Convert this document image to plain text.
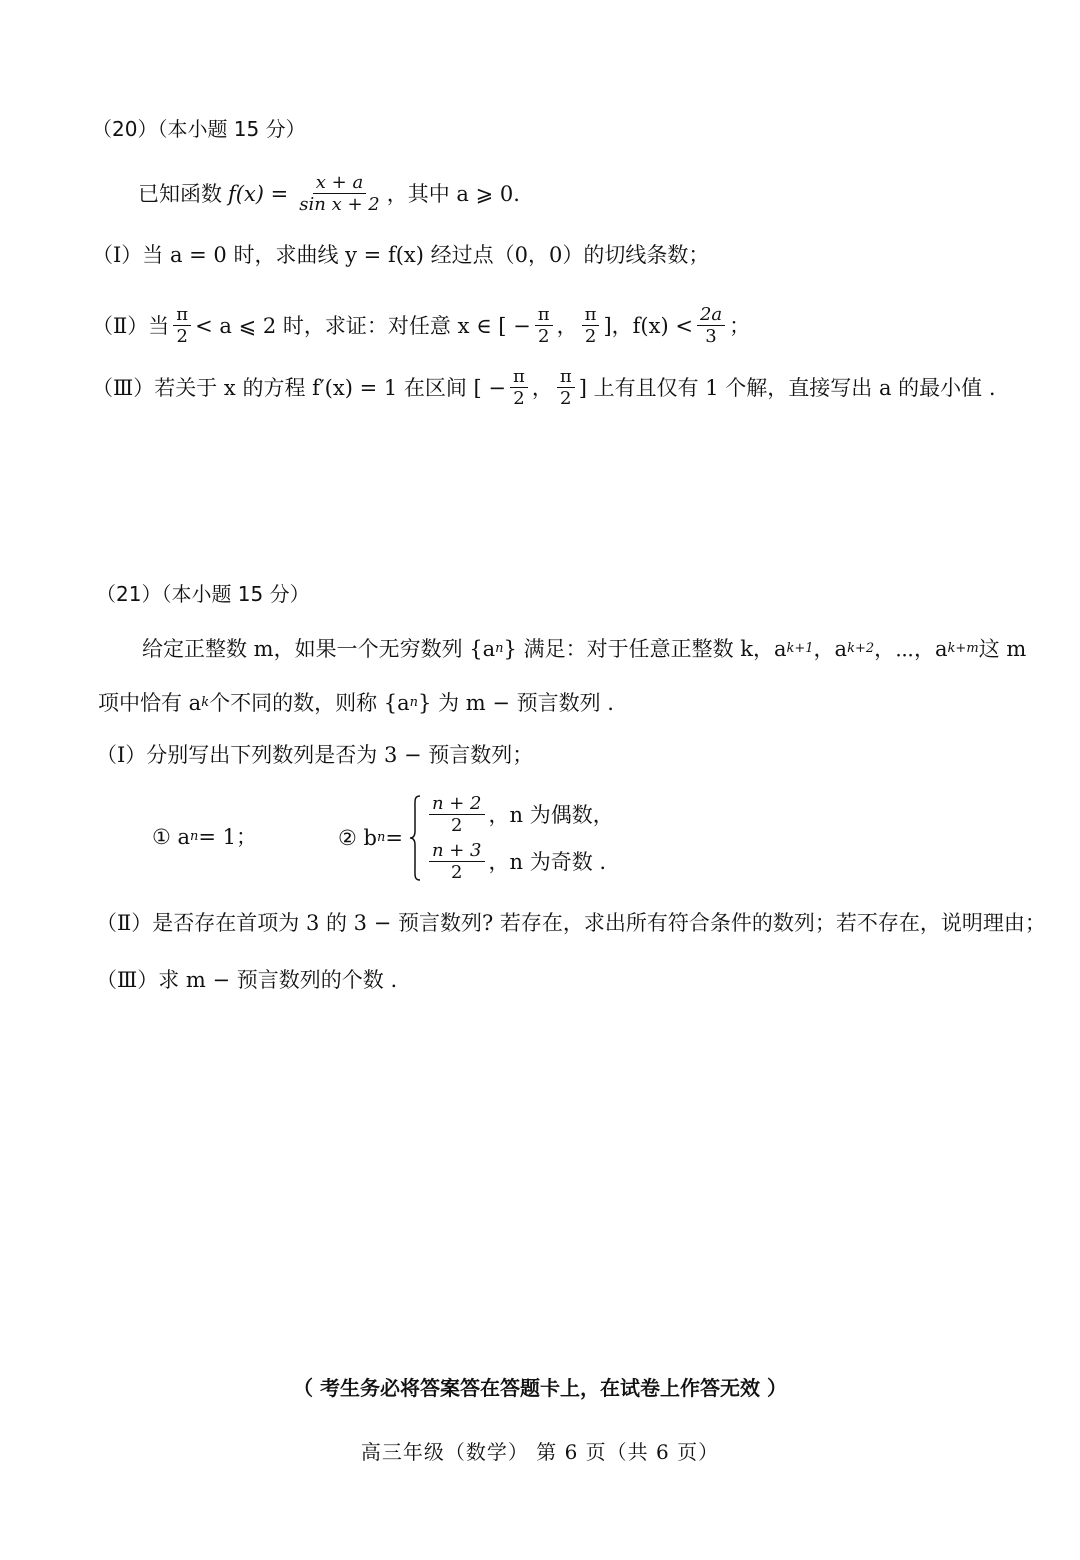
（20）（本小题 15 分）
已知函数 $f(x) = \frac{x + a}{\text{sin x + 2}}$ ，其中 a ⩾ 0.
（Ⅰ）当 a = 0 时，求曲线 y = f(x) 经过点（0，0）的切线条数；
（Ⅱ）当 $\frac{\pi}{2} < a$ ⩽ 2 时，求证：对任意 x ∈ [ − $\frac{\pi}{2}$ ， $\frac{\pi}{2}$ ]，$f(x) < \frac{2a}{3}$ ；
（Ⅲ）若关于 x 的方程 f′(x) = 1 在区间 [ − $\frac{\pi}{2}$ ， $\frac{\pi}{2}$ ] 上有且仅有 1 个解，直接写出 a 的最小值 .
（21）（本小题 15 分）
给定正整数 m，如果一个无穷数列 {a n } 满足：对于任意正整数 k，a k+1 ，a k+2 ，⋯，a k+m 这 m
项中恰有 a k 个不同的数，则称 {a n } 为 m − 预言数列 .
（Ⅰ）分别写出下列数列是否为 3 − 预言数列；
① a n = 1；	② b n =
$\frac{n + 2}{2}$ ，n 为偶数，
$\frac{n + 3}{2}$ ，n 为奇数 .
（Ⅱ）是否存在首项为 3 的 3 − 预言数列? 若存在，求出所有符合条件的数列；若不存在，说明理由；
（Ⅲ）求 m − 预言数列的个数 .
（ 考生务必将答案答在答题卡上，在试卷上作答无效 ）
高三年级（数学） 第 6 页（共 6 页）
